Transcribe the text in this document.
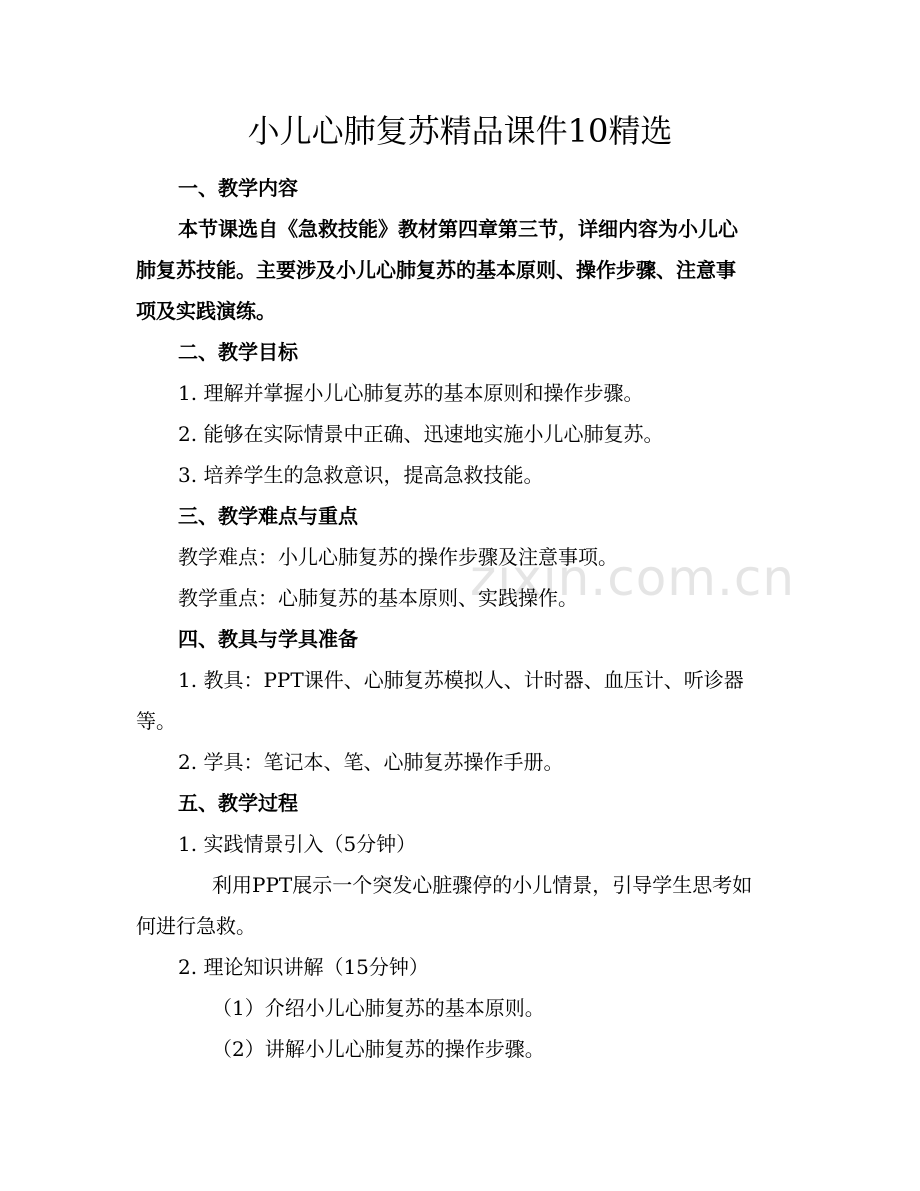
zixin.com.cn
小儿心肺复苏精品课件10精选

一、教学内容

本节课选自《急救技能》教材第四章第三节，详细内容为小儿心

肺复苏技能。主要涉及小儿心肺复苏的基本原则、操作步骤、注意事

项及实践演练。

二、教学目标

1. 理解并掌握小儿心肺复苏的基本原则和操作步骤。

2. 能够在实际情景中正确、迅速地实施小儿心肺复苏。

3. 培养学生的急救意识，提高急救技能。

三、教学难点与重点

教学难点：小儿心肺复苏的操作步骤及注意事项。

教学重点：心肺复苏的基本原则、实践操作。

四、教具与学具准备

1. 教具：PPT课件、心肺复苏模拟人、计时器、血压计、听诊器

等。

2. 学具：笔记本、笔、心肺复苏操作手册。

五、教学过程

1. 实践情景引入（5分钟）

利用PPT展示一个突发心脏骤停的小儿情景，引导学生思考如

何进行急救。

2. 理论知识讲解（15分钟）

（1）介绍小儿心肺复苏的基本原则。

（2）讲解小儿心肺复苏的操作步骤。
